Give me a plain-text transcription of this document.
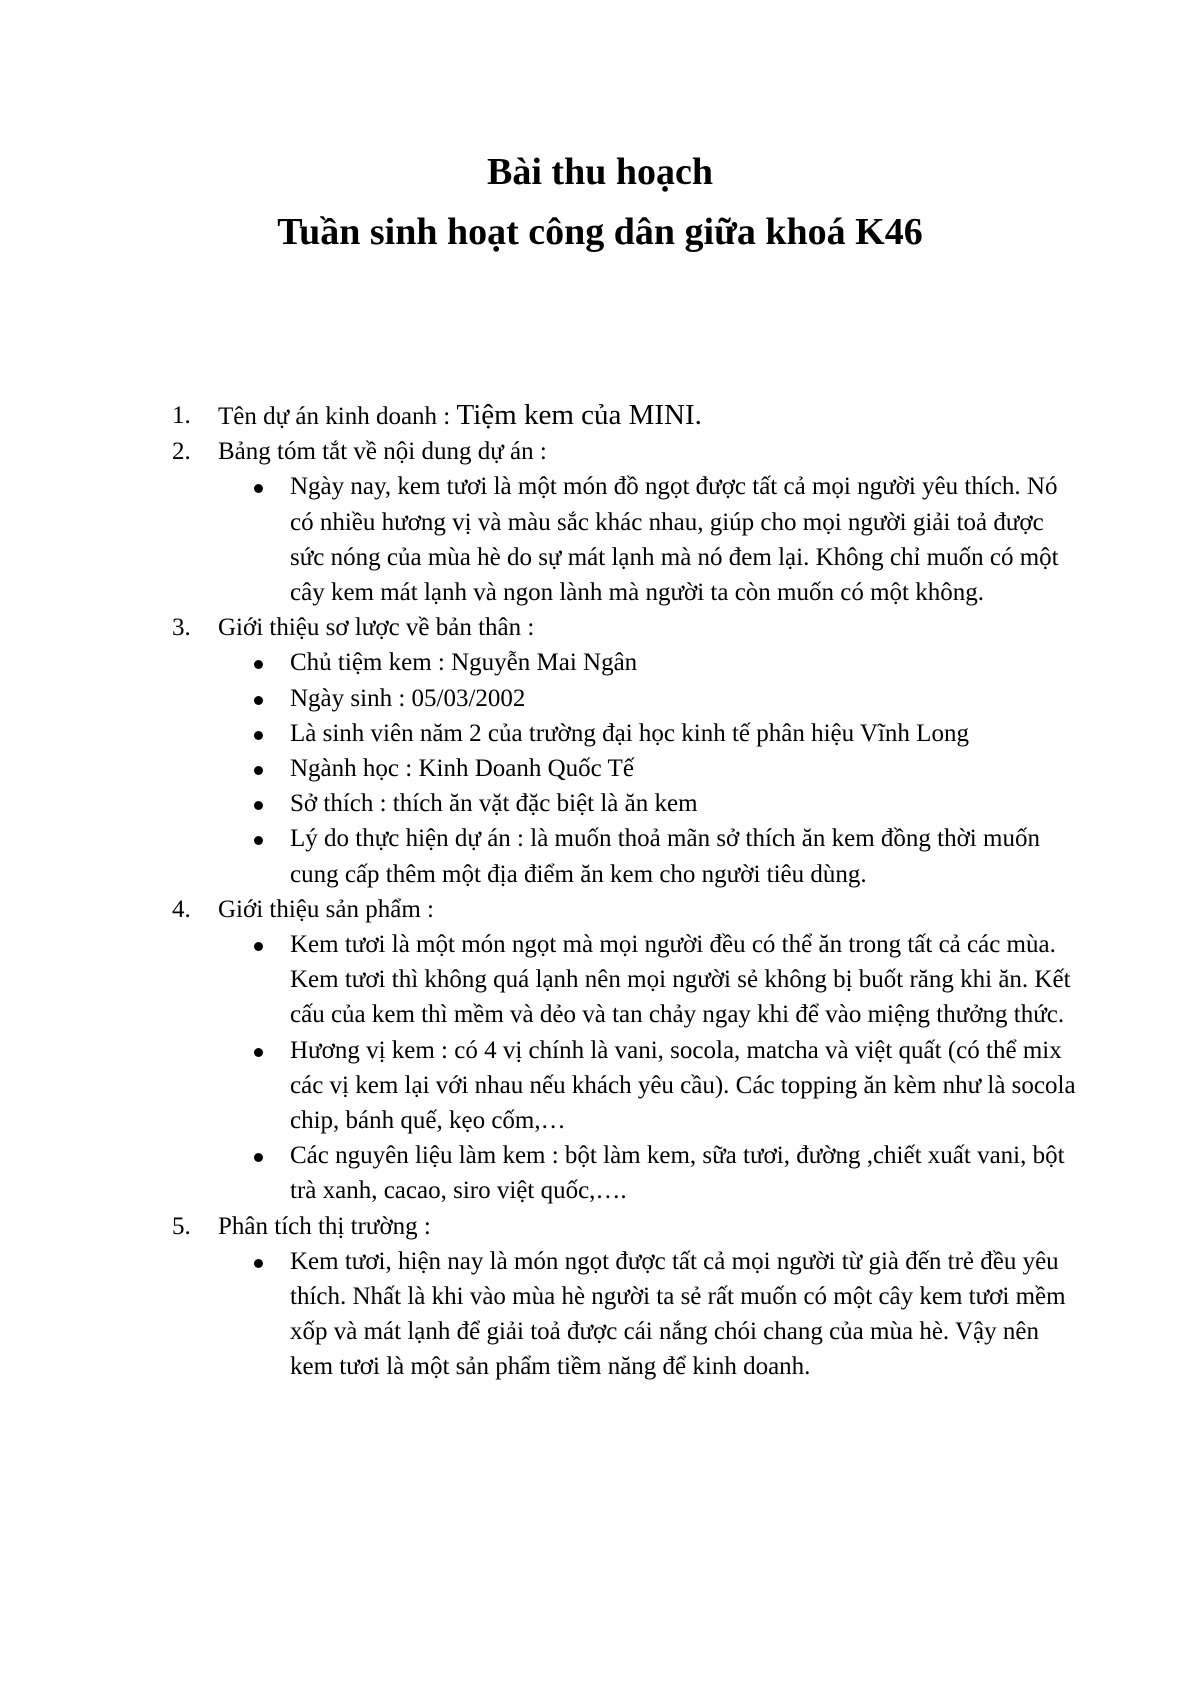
Bài thu hoạch

Tuần sinh hoạt công dân giữa khoá K46

1. Tên dự án kinh doanh : Tiệm kem của MINI.
2. Bảng tóm tắt về nội dung dự án :
Ngày nay, kem tươi là một món đồ ngọt được tất cả mọi người yêu thích. Nó có nhiều hương vị và màu sắc khác nhau, giúp cho mọi người giải toả được sức nóng của mùa hè do sự mát lạnh mà nó đem lại. Không chỉ muốn có một cây kem mát lạnh và ngon lành mà người ta còn muốn có một không.
3. Giới thiệu sơ lược về bản thân :
Chủ tiệm kem : Nguyễn Mai Ngân
Ngày sinh : 05/03/2002
Là sinh viên năm 2 của trường đại học kinh tế phân hiệu Vĩnh Long
Ngành học : Kinh Doanh Quốc Tế
Sở thích : thích ăn vặt đặc biệt là ăn kem
Lý do thực hiện dự án : là muốn thoả mãn sở thích ăn kem đồng thời muốn cung cấp thêm một địa điểm ăn kem cho người tiêu dùng.
4. Giới thiệu sản phẩm :
Kem tươi là một món ngọt mà mọi người đều có thể ăn trong tất cả các mùa. Kem tươi thì không quá lạnh nên mọi người sẻ không bị buốt răng khi ăn. Kết cấu của kem thì mềm và dẻo và tan chảy ngay khi để vào miệng thưởng thức.
Hương vị kem : có 4 vị chính là vani, socola, matcha và việt quất (có thể mix các vị kem lại với nhau nếu khách yêu cầu). Các topping ăn kèm như là socola chip, bánh quế, kẹo cốm,…
Các nguyên liệu làm kem : bột làm kem, sữa tươi, đường ,chiết xuất vani, bột trà xanh, cacao, siro việt quốc,….
5. Phân tích thị trường :
Kem tươi, hiện nay là món ngọt được tất cả mọi người từ già đến trẻ đều yêu thích. Nhất là khi vào mùa hè người ta sẻ rất muốn có một cây kem tươi mềm xốp và mát lạnh để giải toả được cái nắng chói chang của mùa hè. Vậy nên kem tươi là một sản phẩm tiềm năng để kinh doanh.
